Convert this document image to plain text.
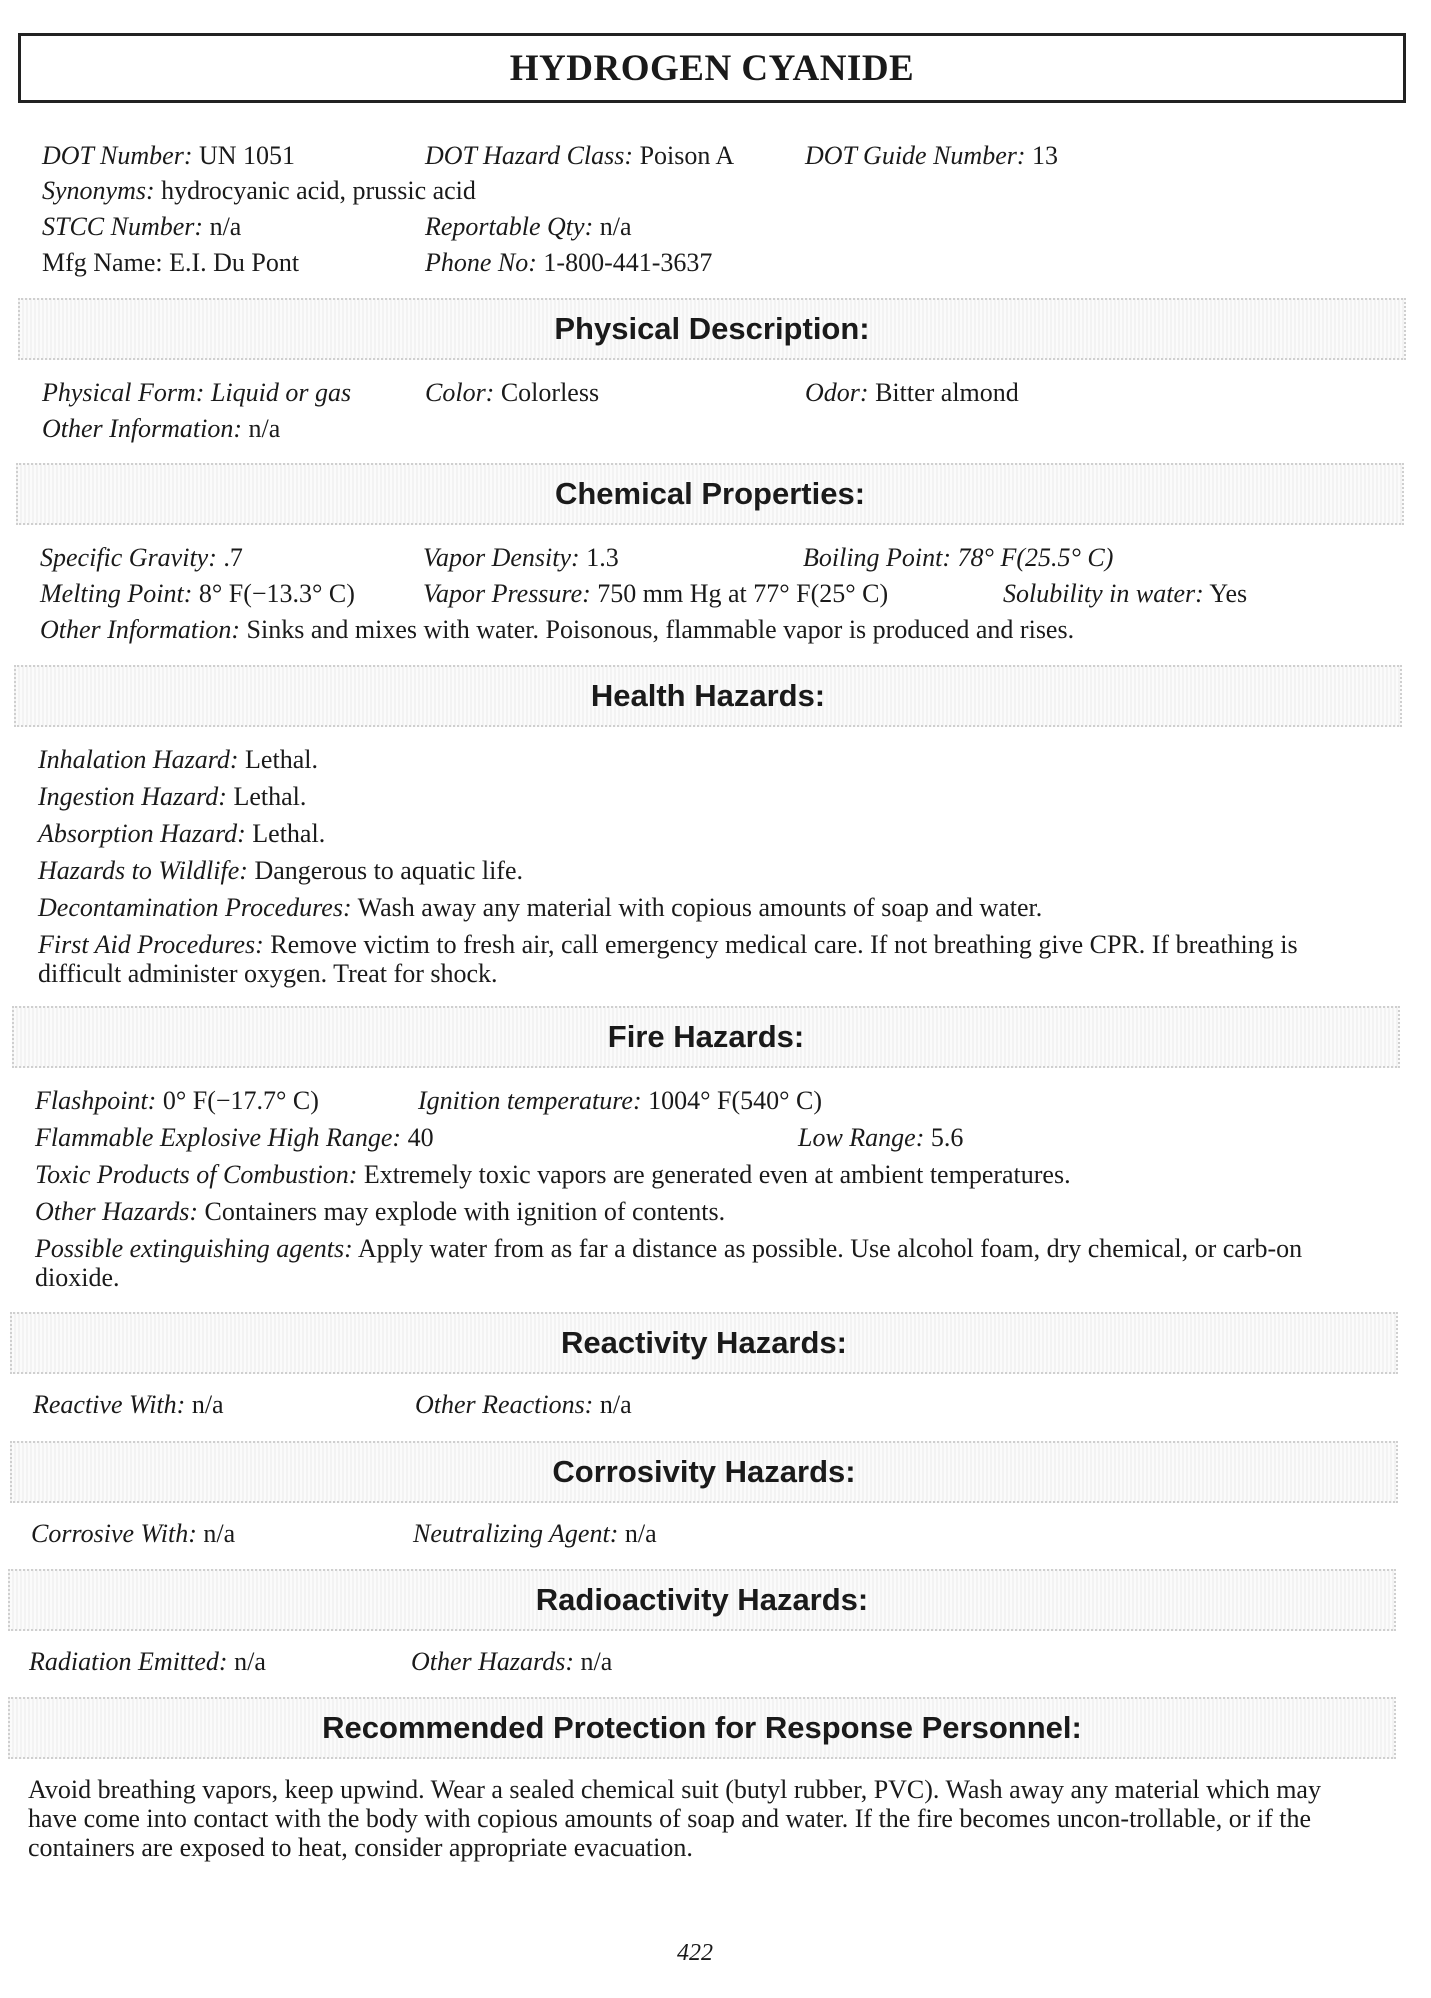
HYDROGEN CYANIDE
DOT Number: UN 1051	DOT Hazard Class: Poison A	DOT Guide Number: 13
Synonyms: hydrocyanic acid, prussic acid
STCC Number: n/a	Reportable Qty: n/a
Mfg Name: E.I. Du Pont	Phone No: 1-800-441-3637
Physical Description:
Physical Form: Liquid or gas	Color: Colorless	Odor: Bitter almond
Other Information: n/a
Chemical Properties:
Specific Gravity: .7	Vapor Density: 1.3	Boiling Point: 78° F(25.5° C)
Melting Point: 8° F(−13.3° C)	Vapor Pressure: 750 mm Hg at 77° F(25° C)	Solubility in water: Yes
Other Information: Sinks and mixes with water. Poisonous, flammable vapor is produced and rises.
Health Hazards:
Inhalation Hazard: Lethal.
Ingestion Hazard: Lethal.
Absorption Hazard: Lethal.
Hazards to Wildlife: Dangerous to aquatic life.
Decontamination Procedures: Wash away any material with copious amounts of soap and water.
First Aid Procedures: Remove victim to fresh air, call emergency medical care. If not breathing give CPR. If breathing is difficult administer oxygen. Treat for shock.
Fire Hazards:
Flashpoint: 0° F(−17.7° C)	Ignition temperature: 1004° F(540° C)
Flammable Explosive High Range: 40	Low Range: 5.6
Toxic Products of Combustion: Extremely toxic vapors are generated even at ambient temperatures.
Other Hazards: Containers may explode with ignition of contents.
Possible extinguishing agents: Apply water from as far a distance as possible. Use alcohol foam, dry chemical, or carb-on dioxide.
Reactivity Hazards:
Reactive With: n/a	Other Reactions: n/a
Corrosivity Hazards:
Corrosive With: n/a	Neutralizing Agent: n/a
Radioactivity Hazards:
Radiation Emitted: n/a	Other Hazards: n/a
Recommended Protection for Response Personnel:
Avoid breathing vapors, keep upwind. Wear a sealed chemical suit (butyl rubber, PVC). Wash away any material which may have come into contact with the body with copious amounts of soap and water. If the fire becomes uncon-trollable, or if the containers are exposed to heat, consider appropriate evacuation.
422
